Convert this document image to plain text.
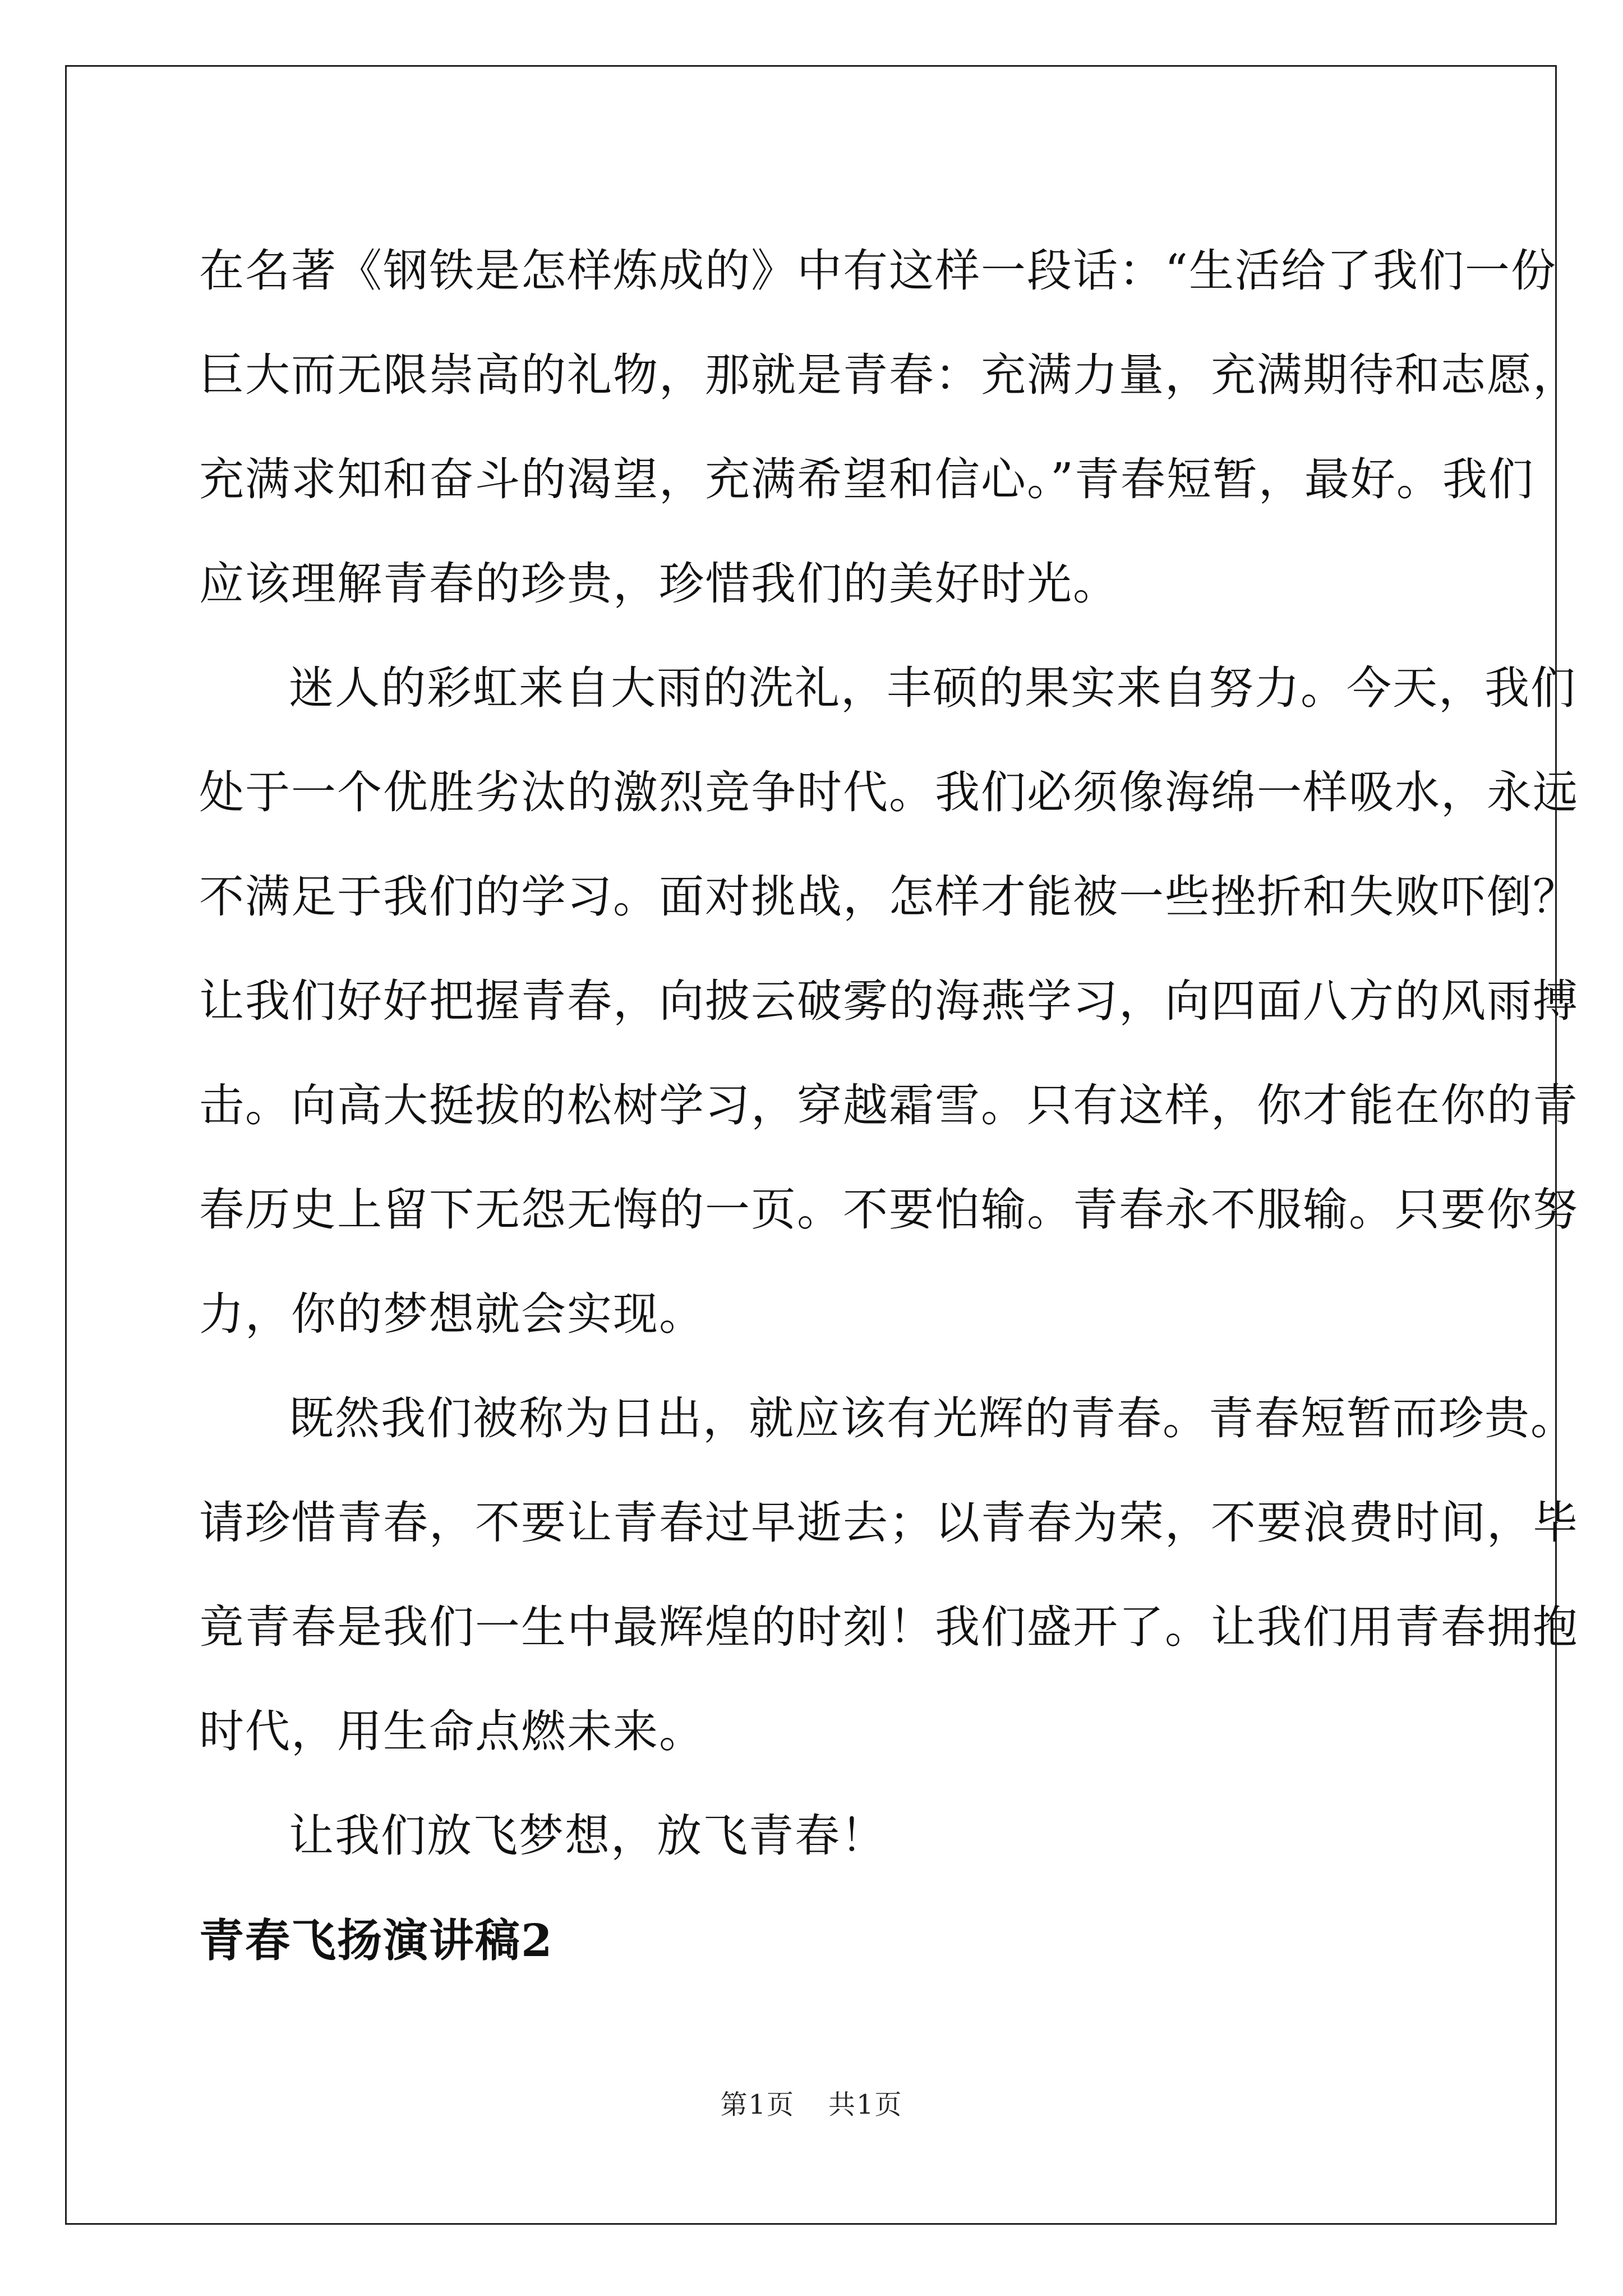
在名著《钢铁是怎样炼成的》中有这样一段话：“生活给了我们一份
巨大而无限崇高的礼物，那就是青春：充满力量，充满期待和志愿，
充满求知和奋斗的渴望，充满希望和信心。”青春短暂，最好。我们
应该理解青春的珍贵，珍惜我们的美好时光。

迷人的彩虹来自大雨的洗礼，丰硕的果实来自努力。今天，我们
处于一个优胜劣汰的激烈竞争时代。我们必须像海绵一样吸水，永远
不满足于我们的学习。面对挑战，怎样才能被一些挫折和失败吓倒？
让我们好好把握青春，向披云破雾的海燕学习，向四面八方的风雨搏
击。向高大挺拔的松树学习，穿越霜雪。只有这样，你才能在你的青
春历史上留下无怨无悔的一页。不要怕输。青春永不服输。只要你努
力，你的梦想就会实现。

既然我们被称为日出，就应该有光辉的青春。青春短暂而珍贵。
请珍惜青春，不要让青春过早逝去；以青春为荣，不要浪费时间，毕
竟青春是我们一生中最辉煌的时刻！我们盛开了。让我们用青春拥抱
时代，用生命点燃未来。

让我们放飞梦想，放飞青春！

青春飞扬演讲稿2
第1页 共1页
